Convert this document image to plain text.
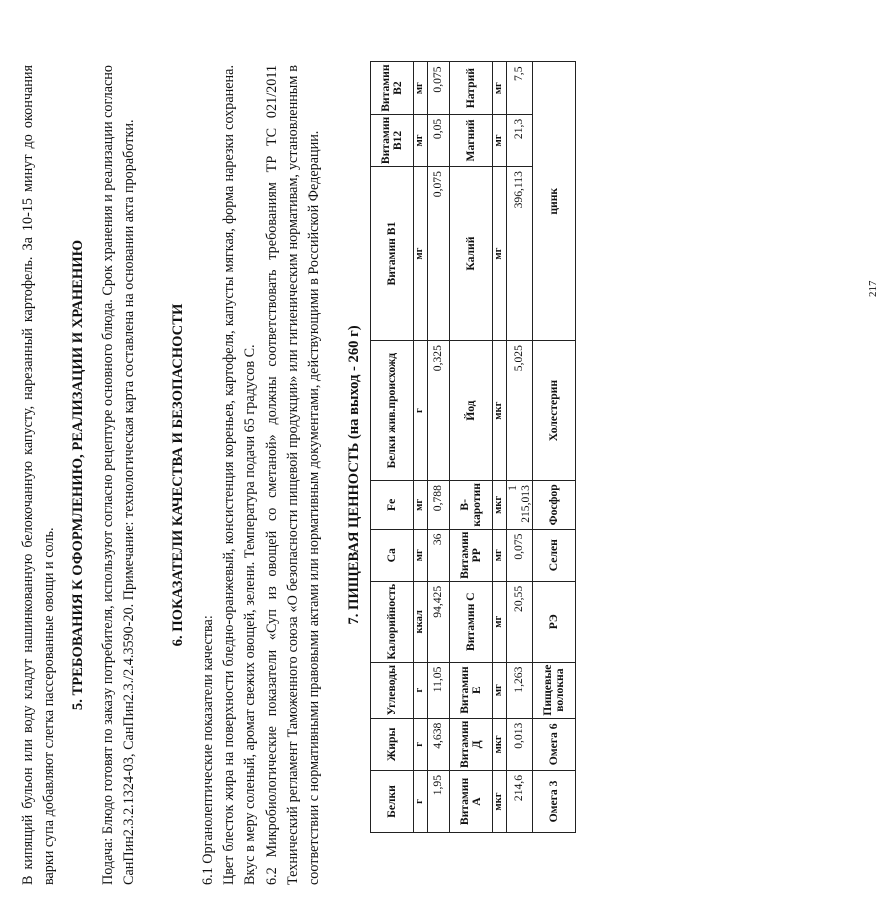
В кипящий бульон или воду кладут нашинкованную белокочанную капусту, нарезанный картофель. За 10-15 минут до окончания варки супа добавляют слегка пассерованные овощи и соль. 5. ТРЕБОВАНИЯ К ОФОРМЛЕНИЮ, РЕАЛИЗАЦИИ И ХРАНЕНИЮ Подача: Блюдо готовят по заказу потребителя, используют согласно рецептуре основного блюда. Срок хранения и реализации согласно СанПин2.3.2.1324-03, СанПин2.3./2.4.3590-20. Примечание: технологическая карта составлена на основании акта проработки. 6. ПОКАЗАТЕЛИ КАЧЕСТВА И БЕЗОПАСНОСТИ

6.1 Органолептические показатели качества: Цвет блесток жира на поверхности бледно-оранжевый, консистенция кореньев, картофеля, капусты мягкая, форма нарезки сохранена. Вкус в меру соленый, аромат свежих овощей, зелени. Температура подачи 65 градусов С. 6.2 Микробиологические показатели «Суп из овощей со сметаной» должны соответствовать требованиям ТР ТС 021/2011 Технический регламент Таможенного союза «О безопасности пищевой продукции» или гигиеническим нормативам, установленным в соответствии с нормативными правовыми актами или нормативным документами, действующими в Российской Федерации. 7. ПИЩЕВАЯ ЦЕННОСТЬ (на выход - 260 г)
Белки	Жиры	Углеводы	Калорийность	Ca	Fe	Белки жив.происхожд	Витамин B1	Витамин B12	Витамин B2
г	г	г	ккал	мг	мг	г	мг	мг	мг
1,95	4,638	11,05	94,425	36	0,788	0,325	0,075	0,05	0,075
Витамин А	Витамин Д	Витамин Е	Витамин С	Витамин PP	B-каротин	Йод	Калий	Магний	Натрий
мкг	мкг	мг	мг	мг	мкг	мкг	мг	мг	мг
214,6	0,013	1,263	20,55	0,075	1 215,013	5,025	396,113	21,3	7,5
Омега 3	Омега 6	Пищевые волокна	РЭ	Селен	Фосфор	Холестерин	цинк		
217
